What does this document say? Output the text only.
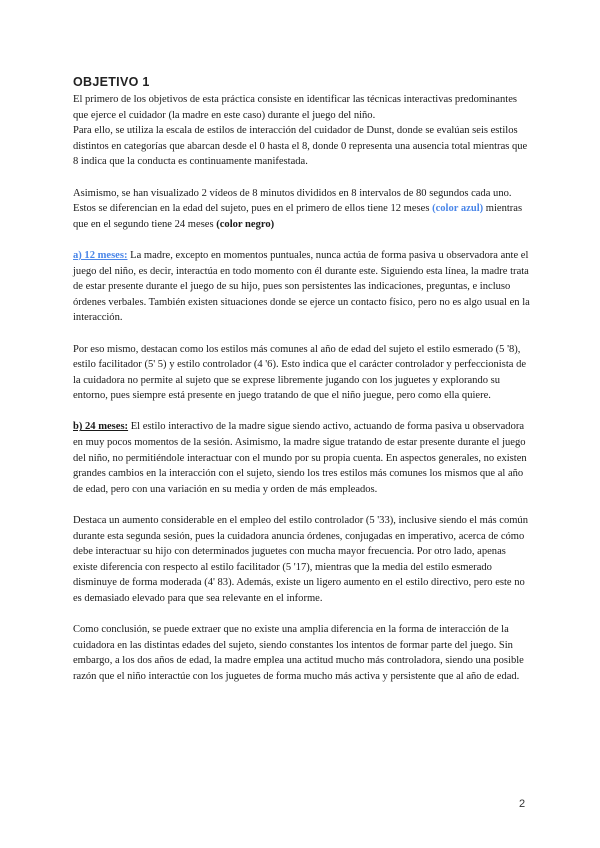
OBJETIVO 1

El primero de los objetivos de esta práctica consiste en identificar las técnicas interactivas predominantes que ejerce el cuidador (la madre en este caso) durante el juego del niño.

Para ello, se utiliza la escala de estilos de interacción del cuidador de Dunst, donde se evalúan seis estilos distintos en categorías que abarcan desde el 0 hasta el 8, donde 0 representa una ausencia total mientras que 8 indica que la conducta es continuamente manifestada.

Asimismo, se han visualizado 2 vídeos de 8 minutos divididos en 8 intervalos de 80 segundos cada uno. Estos se diferencian en la edad del sujeto, pues en el primero de ellos tiene 12 meses (color azul) mientras que en el segundo tiene 24 meses (color negro)

a) 12 meses: La madre, excepto en momentos puntuales, nunca actúa de forma pasiva u observadora ante el juego del niño, es decir, interactúa en todo momento con él durante este. Siguiendo esta línea, la madre trata de estar presente durante el juego de su hijo, pues son persistentes las indicaciones, preguntas, e incluso órdenes verbales. También existen situaciones donde se ejerce un contacto físico, pero no es algo usual en la interacción.

Por eso mismo, destacan como los estilos más comunes al año de edad del sujeto el estilo esmerado (5 '8), estilo facilitador (5' 5) y estilo controlador (4 '6). Esto indica que el carácter controlador y perfeccionista de la cuidadora no permite al sujeto que se exprese libremente jugando con los juguetes y explorando su entorno, pues siempre está presente en juego tratando de que el niño juegue, pero como ella quiere.

b) 24 meses: El estilo interactivo de la madre sigue siendo activo, actuando de forma pasiva u observadora en muy pocos momentos de la sesión. Asimismo, la madre sigue tratando de estar presente durante el juego del niño, no permitiéndole interactuar con el mundo por su propia cuenta. En aspectos generales, no existen grandes cambios en la interacción con el sujeto, siendo los tres estilos más comunes los mismos que al año de edad, pero con una variación en su media y orden de más empleados.

Destaca un aumento considerable en el empleo del estilo controlador (5 '33), inclusive siendo el más común durante esta segunda sesión, pues la cuidadora anuncia órdenes, conjugadas en imperativo, acerca de cómo debe interactuar su hijo con determinados juguetes con mucha mayor frecuencia. Por otro lado, apenas existe diferencia con respecto al estilo facilitador (5 '17), mientras que la media del estilo esmerado disminuye de forma moderada (4' 83). Además, existe un ligero aumento en el estilo directivo, pero este no es demasiado elevado para que sea relevante en el informe.

Como conclusión, se puede extraer que no existe una amplia diferencia en la forma de interacción de la cuidadora en las distintas edades del sujeto, siendo constantes los intentos de formar parte del juego. Sin embargo, a los dos años de edad, la madre emplea una actitud mucho más controladora, siendo una posible razón que el niño interactúe con los juguetes de forma mucho más activa y persistente que al año de edad.

2
